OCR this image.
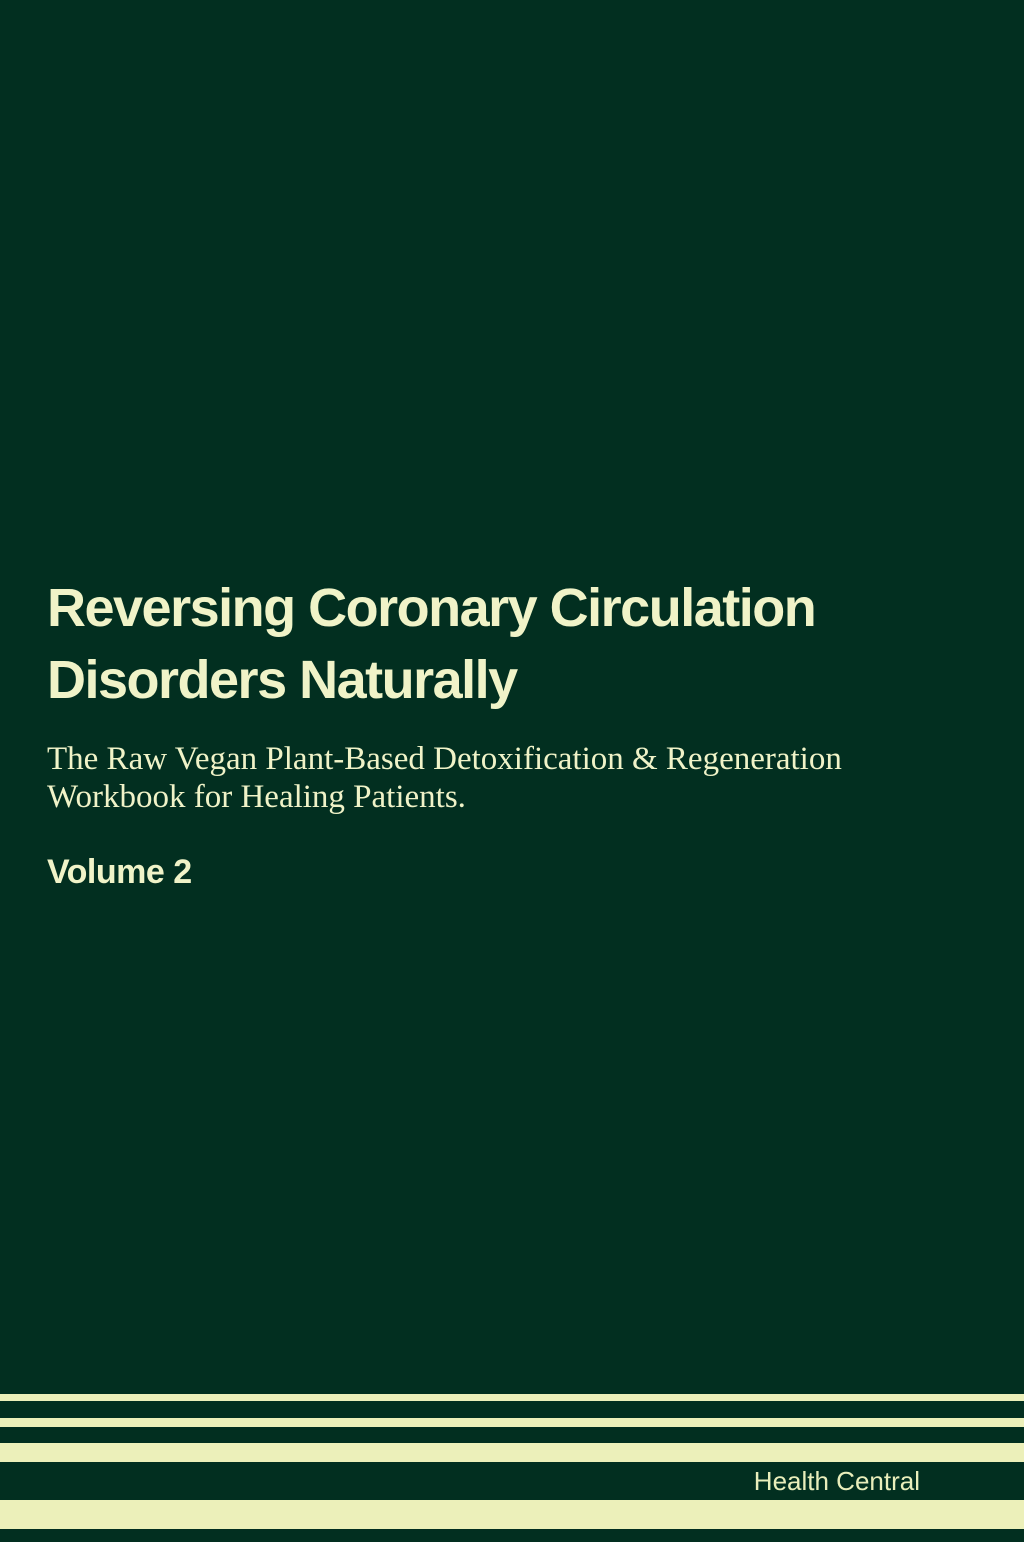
Reversing Coronary Circulation
Disorders Naturally
The Raw Vegan Plant-Based Detoxification & Regeneration
Workbook for Healing Patients.
Volume 2
Health Central
